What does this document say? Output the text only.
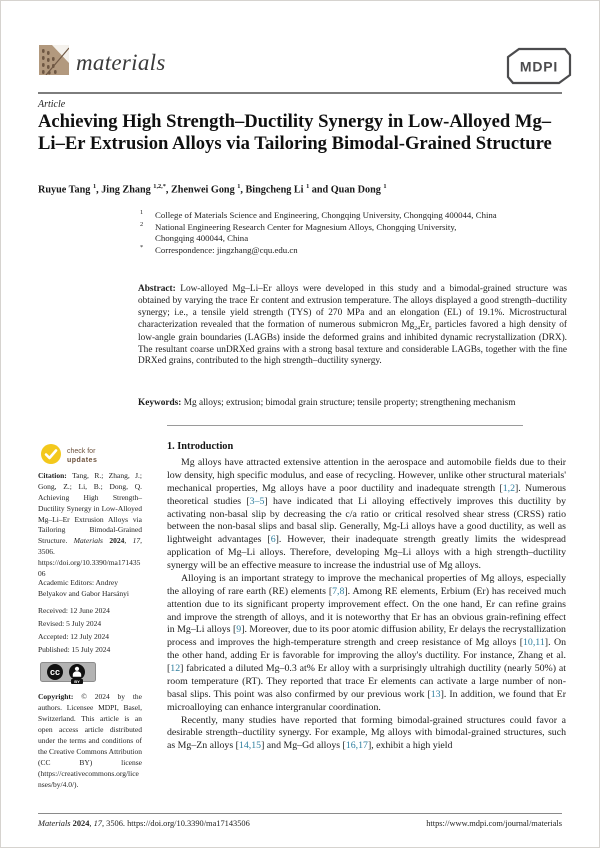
materials	MDPI
Article
Achieving High Strength–Ductility Synergy in Low-Alloyed Mg–Li–Er Extrusion Alloys via Tailoring Bimodal-Grained Structure
Ruyue Tang $^1$, Jing Zhang $^{1,2,*}$, Zhenwei Gong $^1$, Bingcheng Li $^1$ and Quan Dong $^1$
1	College of Materials Science and Engineering, Chongqing University, Chongqing 400044, China
2	National Engineering Research Center for Magnesium Alloys, Chongqing University, Chongqing 400044, China
*	Correspondence: jingzhang@cqu.edu.cn
Abstract: Low-alloyed Mg–Li–Er alloys were developed in this study and a bimodal-grained structure was obtained by varying the trace Er content and extrusion temperature. The alloys displayed a good strength–ductility synergy; i.e., a tensile yield strength (TYS) of 270 MPa and an elongation (EL) of 19.1%. Microstructural characterization revealed that the formation of numerous submicron $Mg_{24}Er_5$ particles favored a high density of low-angle grain boundaries (LAGBs) inside the deformed grains and inhibited dynamic recrystallization (DRX). The resultant coarse unDRXed grains with a strong basal texture and considerable LAGBs, together with the fine DRXed grains, contributed to the high strength–ductility synergy.
Keywords: Mg alloys; extrusion; bimodal grain structure; tensile property; strengthening mechanism
check for
updates
Citation: Tang, R.; Zhang, J.; Gong, Z.; Li, B.; Dong, Q. Achieving High Strength–Ductility Synergy in Low-Alloyed Mg–Li–Er Extrusion Alloys via Tailoring Bimodal-Grained Structure. Materials 2024, 17, 3506. https://doi.org/10.3390/ma17143506
Academic Editors: Andrey Belyakov and Gabor Harsányi
Received: 12 June 2024
Revised: 5 July 2024
Accepted: 12 July 2024
Published: 15 July 2024
cc
BY
Copyright: © 2024 by the authors. Licensee MDPI, Basel, Switzerland. This article is an open access article distributed under the terms and conditions of the Creative Commons Attribution (CC BY) license (https://creativecommons.org/licenses/by/4.0/).
1. Introduction

Mg alloys have attracted extensive attention in the aerospace and automobile fields due to their low density, high specific modulus, and ease of recycling. However, unlike other structural materials' mechanical properties, Mg alloys have a poor ductility and inadequate strength [1,2]. Numerous theoretical studies [3–5] have indicated that Li alloying effectively improves this ductility by activating non-basal slip by decreasing the c/a ratio or critical resolved shear stress (CRSS) ratio between the non-basal slips and basal slip. Generally, Mg-Li alloys have a good ductility, as well as lightweight advantages [6]. However, their inadequate strength greatly limits the widespread application of Mg–Li alloys. Therefore, developing Mg–Li alloys with a high strength–ductility synergy will be an effective measure to increase the industrial use of Mg alloys.

Alloying is an important strategy to improve the mechanical properties of Mg alloys, especially the alloying of rare earth (RE) elements [7,8]. Among RE elements, Erbium (Er) has received much attention due to its significant property improvement effect. On the one hand, Er can refine grains and improve the strength of alloys, and it is noteworthy that Er has an obvious grain-refining effect in Mg–Li alloys [9]. Moreover, due to its poor atomic diffusion ability, Er delays the recrystallization process and improves the high-temperature strength and creep resistance of Mg alloys [10,11]. On the other hand, adding Er is favorable for improving the alloy's ductility. For instance, Zhang et al. [12] fabricated a diluted Mg–0.3 at% Er alloy with a surprisingly ultrahigh ductility (nearly 50%) at room temperature (RT). They reported that trace Er elements can activate a large number of non-basal slips. This point was also confirmed by our previous work [13]. In addition, we found that Er microalloying can enhance intergranular coordination.

Recently, many studies have reported that forming bimodal-grained structures could favor a desirable strength–ductility synergy. For example, Mg alloys with bimodal-grained structures, such as Mg–Zn alloys [14,15] and Mg–Gd alloys [16,17], exhibit a high yield

Materials 2024, 17, 3506. https://doi.org/10.3390/ma17143506	https://www.mdpi.com/journal/materials
